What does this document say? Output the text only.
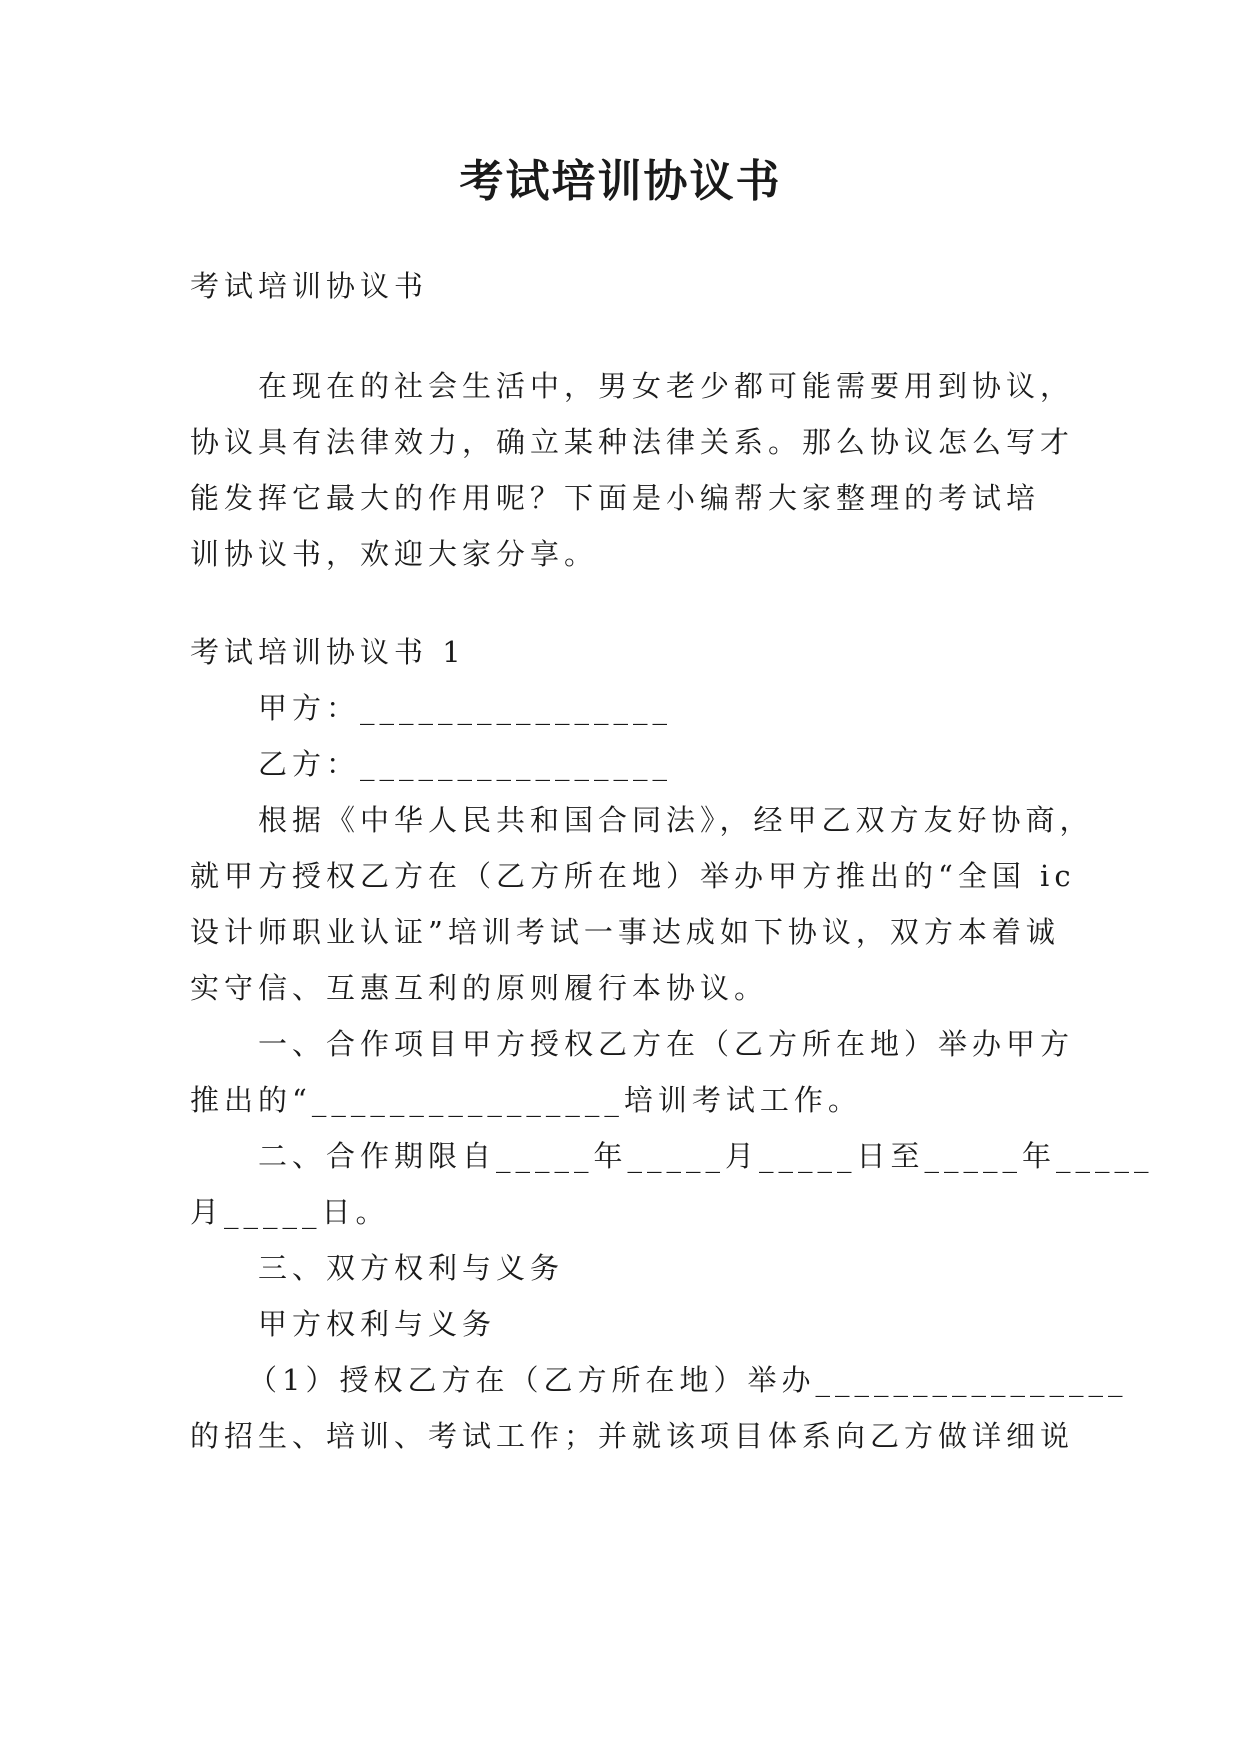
考试培训协议书
考试培训协议书
在现在的社会生活中，男女老少都可能需要用到协议，
协议具有法律效力，确立某种法律关系。那么协议怎么写才
能发挥它最大的作用呢？下面是小编帮大家整理的考试培
训协议书，欢迎大家分享。
考试培训协议书 1
甲方：________________
乙方：________________
根据《中华人民共和国合同法》，经甲乙双方友好协商，
就甲方授权乙方在（乙方所在地）举办甲方推出的“全国 ic
设计师职业认证”培训考试一事达成如下协议，双方本着诚
实守信、互惠互利的原则履行本协议。
一、合作项目甲方授权乙方在（乙方所在地）举办甲方
推出的“________________培训考试工作。
二、合作期限自_____年_____月_____日至_____年_____
月_____日。
三、双方权利与义务
甲方权利与义务
（1）授权乙方在（乙方所在地）举办________________
的招生、培训、考试工作；并就该项目体系向乙方做详细说
